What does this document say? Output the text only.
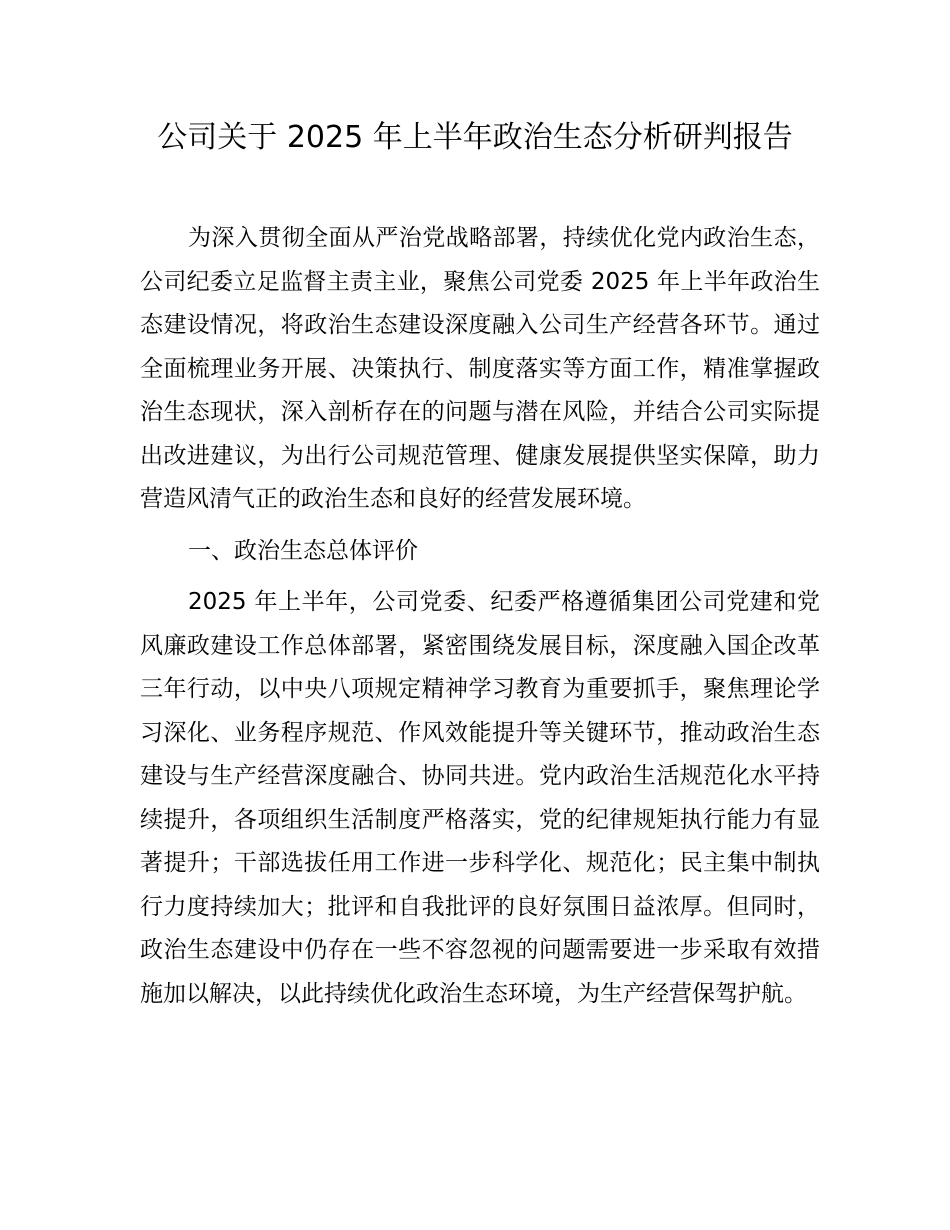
公司关于 2025 年上半年政治生态分析研判报告

为深入贯彻全面从严治党战略部署，持续优化党内政治生态，公司纪委立足监督主责主业，聚焦公司党委 2025 年上半年政治生态建设情况，将政治生态建设深度融入公司生产经营各环节。通过全面梳理业务开展、决策执行、制度落实等方面工作，精准掌握政治生态现状，深入剖析存在的问题与潜在风险，并结合公司实际提出改进建议，为出行公司规范管理、健康发展提供坚实保障，助力营造风清气正的政治生态和良好的经营发展环境。

一、政治生态总体评价

2025 年上半年，公司党委、纪委严格遵循集团公司党建和党风廉政建设工作总体部署，紧密围绕发展目标，深度融入国企改革三年行动，以中央八项规定精神学习教育为重要抓手，聚焦理论学习深化、业务程序规范、作风效能提升等关键环节，推动政治生态建设与生产经营深度融合、协同共进。党内政治生活规范化水平持续提升，各项组织生活制度严格落实，党的纪律规矩执行能力有显著提升；干部选拔任用工作进一步科学化、规范化；民主集中制执行力度持续加大；批评和自我批评的良好氛围日益浓厚。但同时，政治生态建设中仍存在一些不容忽视的问题需要进一步采取有效措施加以解决，以此持续优化政治生态环境，为生产经营保驾护航。
